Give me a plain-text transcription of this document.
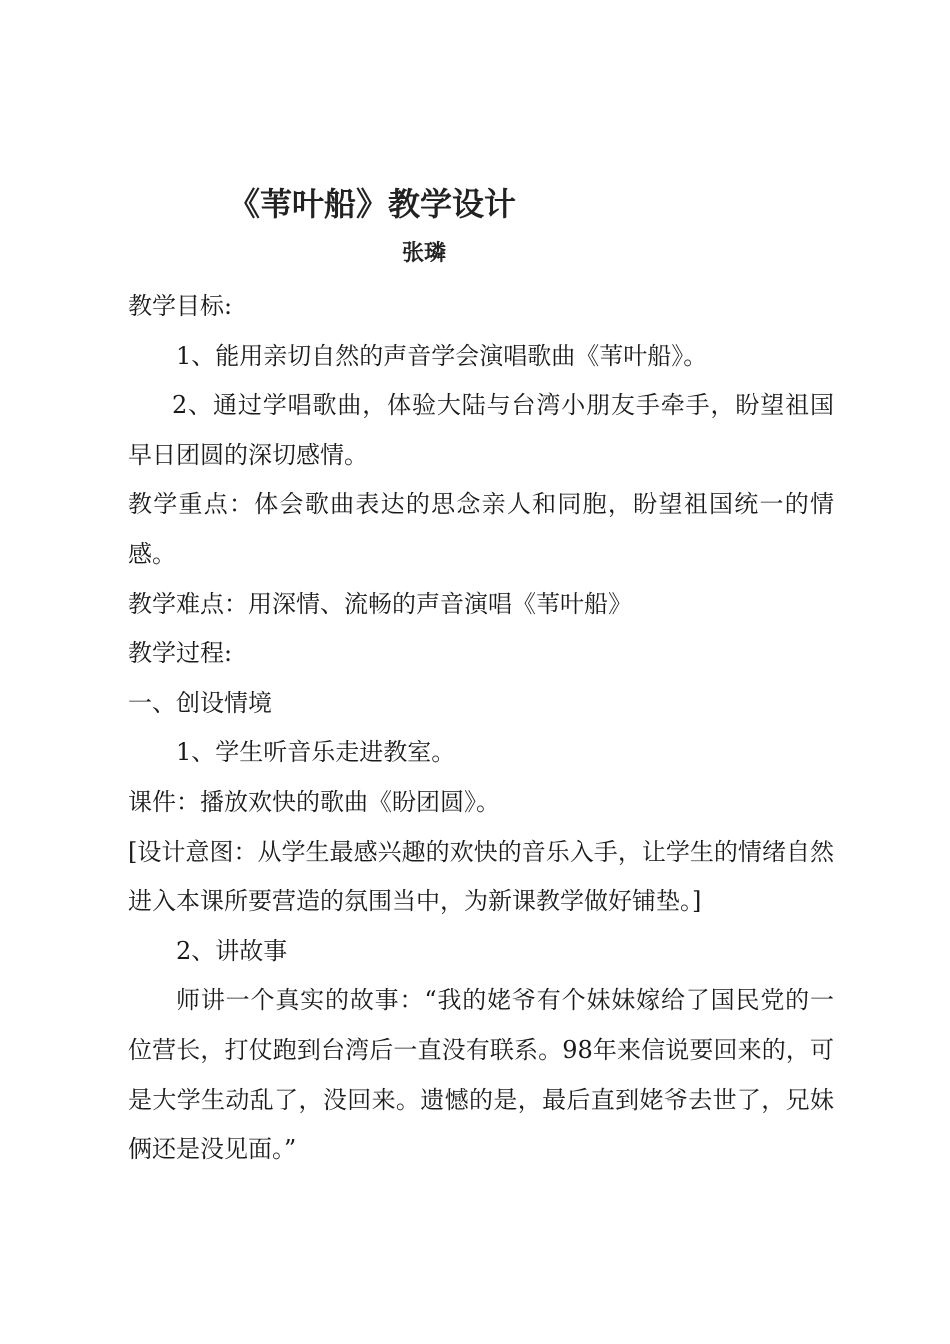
《苇叶船》教学设计
张璘

教学目标:

1、能用亲切自然的声音学会演唱歌曲《苇叶船》。

2、通过学唱歌曲，体验大陆与台湾小朋友手牵手，盼望祖国早日团圆的深切感情。

教学重点：体会歌曲表达的思念亲人和同胞，盼望祖国统一的情感。

教学难点：用深情、流畅的声音演唱《苇叶船》

教学过程:

一、创设情境

1、学生听音乐走进教室。

课件：播放欢快的歌曲《盼团圆》。

[设计意图：从学生最感兴趣的欢快的音乐入手，让学生的情绪自然进入本课所要营造的氛围当中，为新课教学做好铺垫。]

2、讲故事

师讲一个真实的故事：“我的姥爷有个妹妹嫁给了国民党的一位营长，打仗跑到台湾后一直没有联系。98年来信说要回来的，可是大学生动乱了，没回来。遗憾的是，最后直到姥爷去世了，兄妹俩还是没见面。”
